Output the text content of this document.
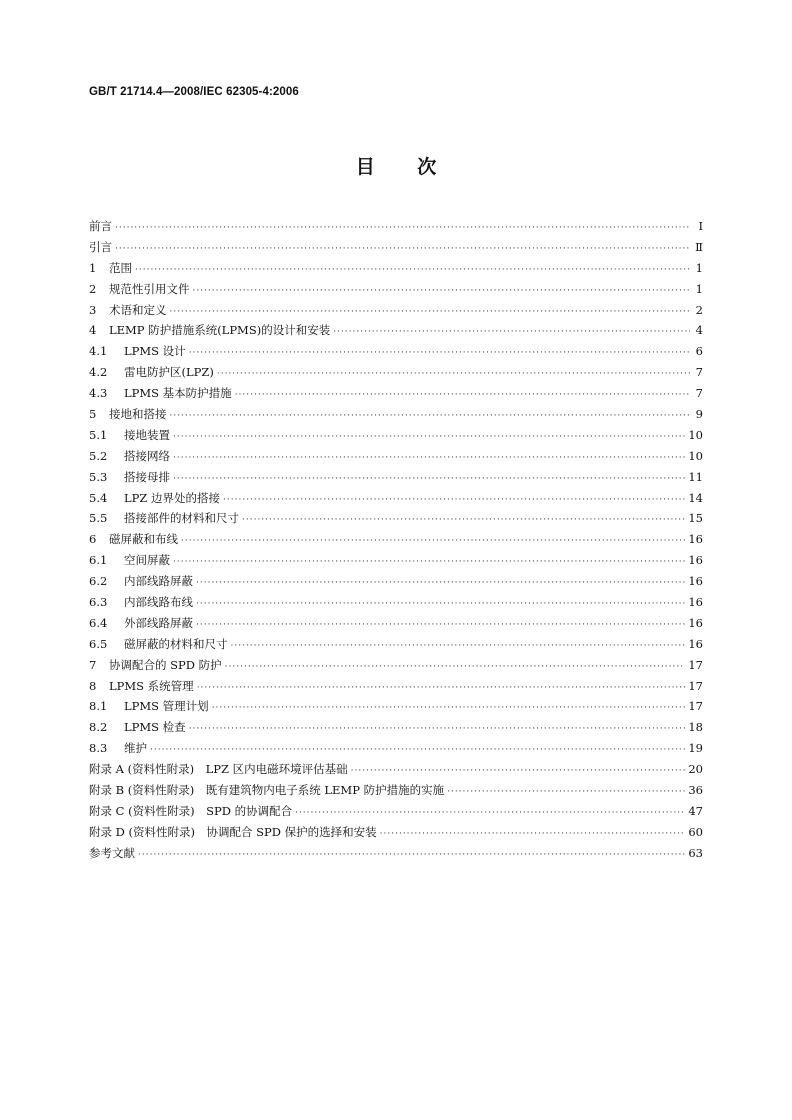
GB/T 21714.4—2008/IEC 62305-4:2006
目 次
前言 ·····	Ⅰ
引言 ·····	Ⅱ
1	范围 ·····	1
2	规范性引用文件 ·····	1
3	术语和定义 ·····	2
4	LEMP 防护措施系统(LPMS)的设计和安装 ·····	4
4.1	LPMS 设计 ·····	6
4.2	雷电防护区(LPZ) ·····	7
4.3	LPMS 基本防护措施 ·····	7
5	接地和搭接 ·····	9
5.1	接地装置 ·····	10
5.2	搭接网络 ·····	10
5.3	搭接母排 ·····	11
5.4	LPZ 边界处的搭接 ·····	14
5.5	搭接部件的材料和尺寸 ·····	15
6	磁屏蔽和布线 ·····	16
6.1	空间屏蔽 ·····	16
6.2	内部线路屏蔽 ·····	16
6.3	内部线路布线 ·····	16
6.4	外部线路屏蔽 ·····	16
6.5	磁屏蔽的材料和尺寸 ·····	16
7	协调配合的 SPD 防护 ·····	17
8	LPMS 系统管理 ·····	17
8.1	LPMS 管理计划 ·····	17
8.2	LPMS 检查 ·····	18
8.3	维护 ·····	19
附录 A (资料性附录)　LPZ 区内电磁环境评估基础 ·····	20
附录 B (资料性附录)　既有建筑物内电子系统 LEMP 防护措施的实施 ·····	36
附录 C (资料性附录)　SPD 的协调配合 ·····	47
附录 D (资料性附录)　协调配合 SPD 保护的选择和安装 ·····	60
参考文献 ·····	63
